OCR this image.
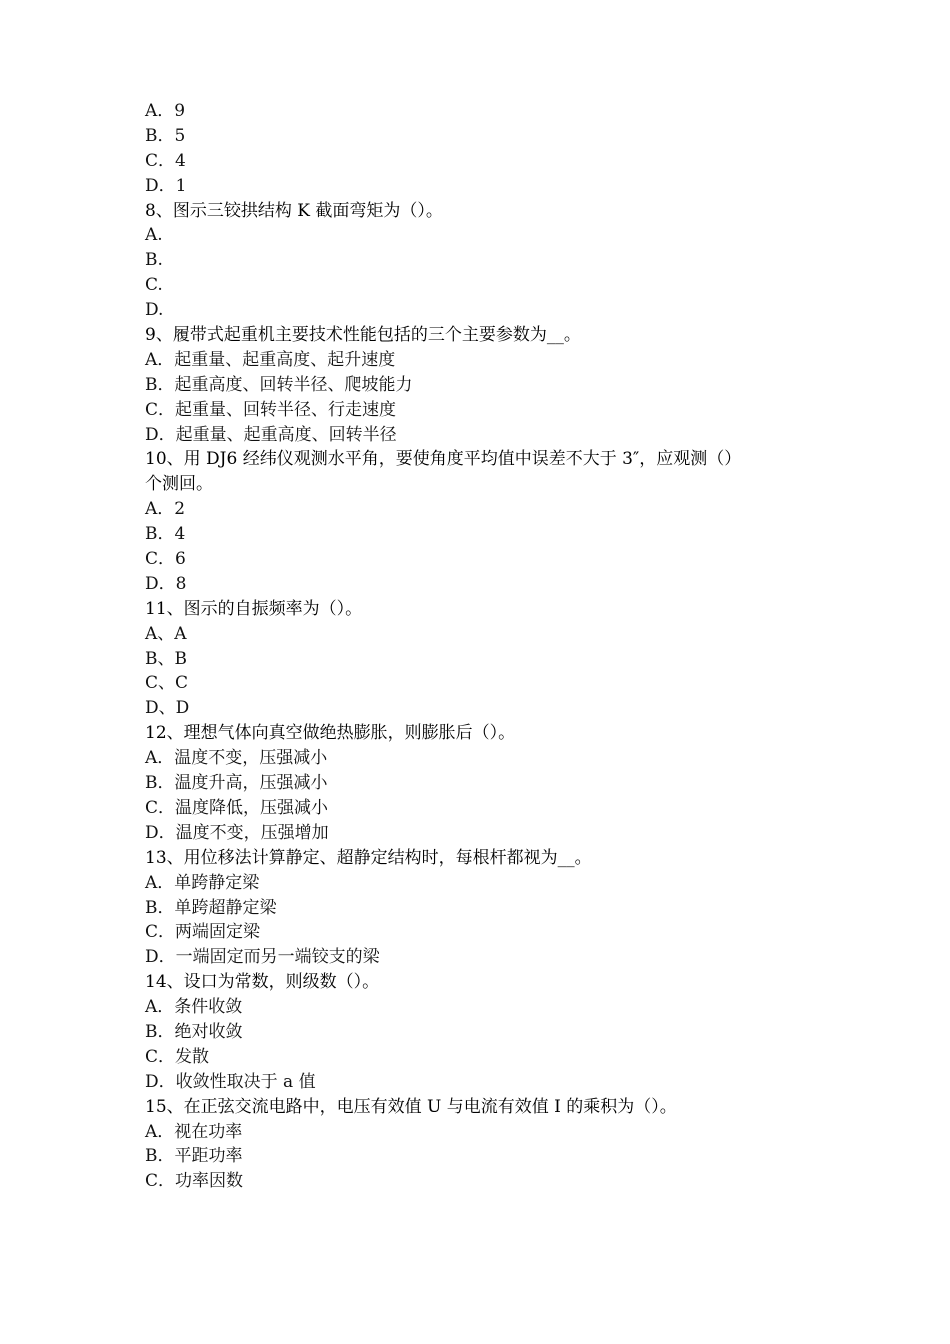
A．9
B．5
C．4
D．1
8、图示三铰拱结构 K 截面弯矩为（）。
A.
B.
C.
D.
9、履带式起重机主要技术性能包括的三个主要参数为__。
A．起重量、起重高度、起升速度
B．起重高度、回转半径、爬坡能力
C．起重量、回转半径、行走速度
D．起重量、起重高度、回转半径
10、用 DJ6 经纬仪观测水平角，要使角度平均值中误差不大于 3″，应观测（）
个测回。
A．2
B．4
C．6
D．8
11、图示的自振频率为（）。
A、A
B、B
C、C
D、D
12、理想气体向真空做绝热膨胀，则膨胀后（）。
A．温度不变，压强减小
B．温度升高，压强减小
C．温度降低，压强减小
D．温度不变，压强增加
13、用位移法计算静定、超静定结构时，每根杆都视为__。
A．单跨静定梁
B．单跨超静定梁
C．两端固定梁
D．一端固定而另一端铰支的梁
14、设口为常数，则级数（）。
A．条件收敛
B．绝对收敛
C．发散
D．收敛性取决于 a 值
15、在正弦交流电路中，电压有效值 U 与电流有效值 I 的乘积为（）。
A．视在功率
B．平距功率
C．功率因数
